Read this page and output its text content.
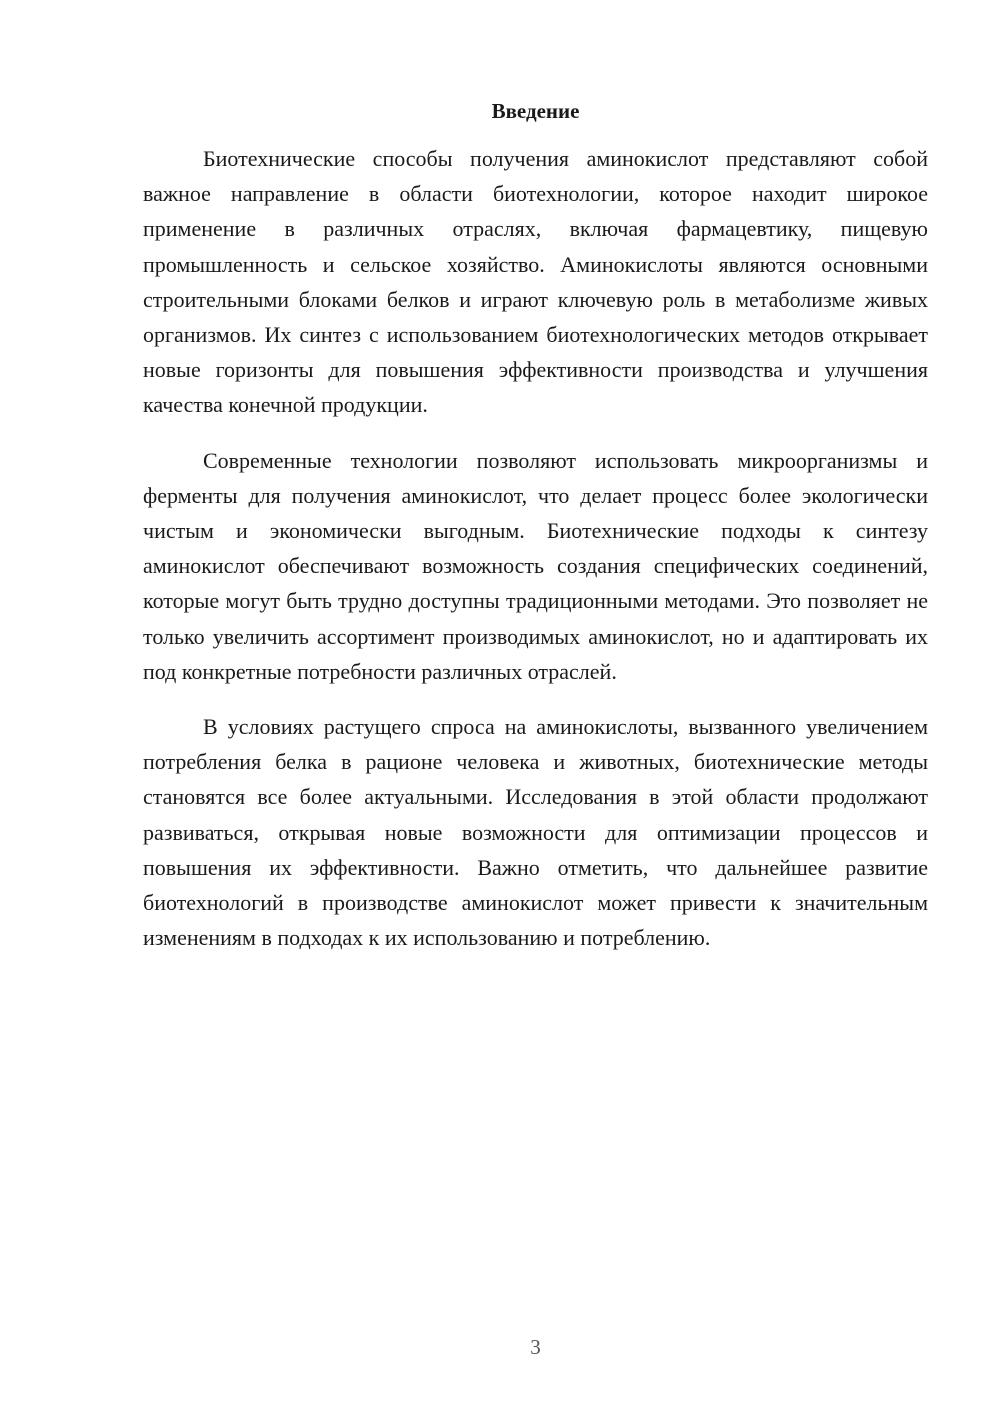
Введение

Биотехнические способы получения аминокислот представляют собой важное направление в области биотехнологии, которое находит широкое применение в различных отраслях, включая фармацевтику, пищевую промышленность и сельское хозяйство. Аминокислоты являются основными строительными блоками белков и играют ключевую роль в метаболизме живых организмов. Их синтез с использованием биотехнологических методов открывает новые горизонты для повышения эффективности производства и улучшения качества конечной продукции.

Современные технологии позволяют использовать микроорганизмы и ферменты для получения аминокислот, что делает процесс более экологически чистым и экономически выгодным. Биотехнические подходы к синтезу аминокислот обеспечивают возможность создания специфических соединений, которые могут быть трудно доступны традиционными методами. Это позволяет не только увеличить ассортимент производимых аминокислот, но и адаптировать их под конкретные потребности различных отраслей.

В условиях растущего спроса на аминокислоты, вызванного увеличением потребления белка в рационе человека и животных, биотехнические методы становятся все более актуальными. Исследования в этой области продолжают развиваться, открывая новые возможности для оптимизации процессов и повышения их эффективности. Важно отметить, что дальнейшее развитие биотехнологий в производстве аминокислот может привести к значительным изменениям в подходах к их использованию и потреблению.

3
